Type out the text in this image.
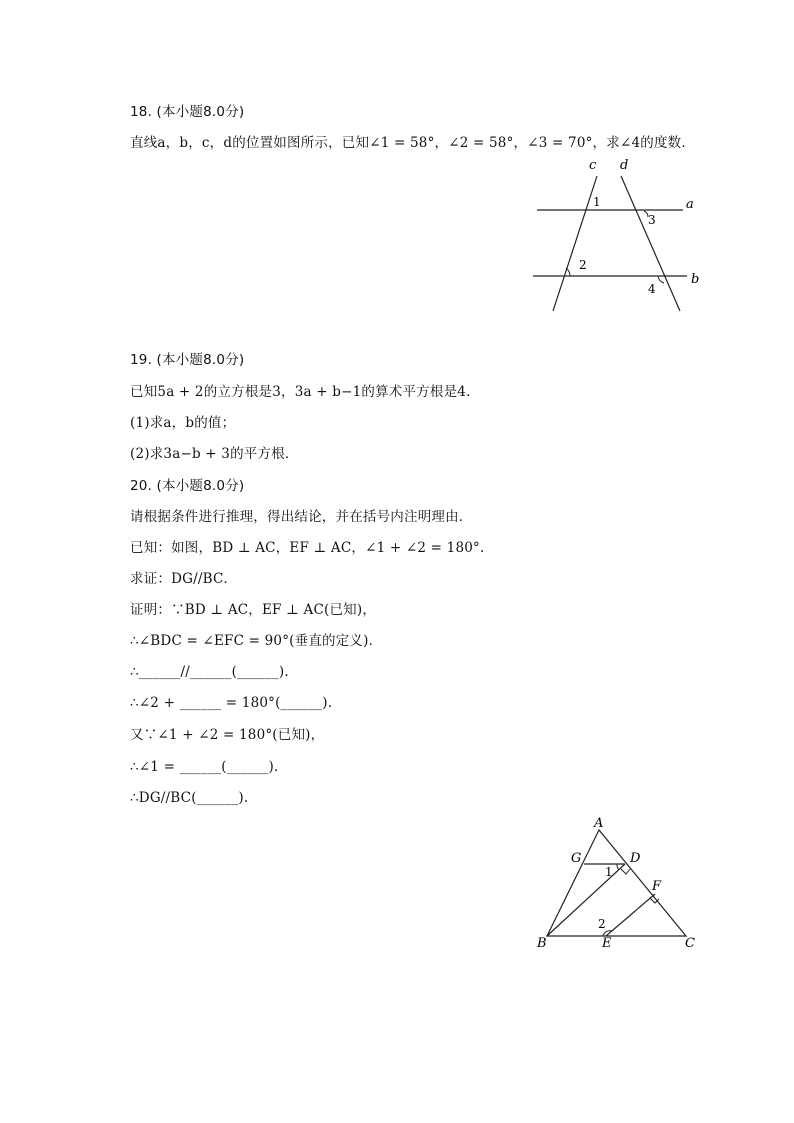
18. (本小题8.0分)
直线a，b，c，d的位置如图所示，已知∠1 = 58°，∠2 = 58°，∠3 = 70°，求∠4的度数．
c d
a
b
1
2
3
4
19. (本小题8.0分)
已知5a + 2的立方根是3，3a + b−1的算术平方根是4.
(1)求a，b的值；
(2)求3a−b + 3的平方根．
20. (本小题8.0分)
请根据条件进行推理，得出结论，并在括号内注明理由．
已知：如图，BD ⊥ AC，EF ⊥ AC，∠1 + ∠2 = 180°.
求证：DG//BC．
证明：∵BD ⊥ AC，EF ⊥ AC(已知)，
∴∠BDC = ∠EFC = 90°(垂直的定义)．
∴______//______(______).
∴∠2 + ______ = 180°(______).
又∵∠1 + ∠2 = 180°(已知)，
∴∠1 = ______(______).
∴DG//BC(______).
A
G	D
F
B	E	C
1
2
